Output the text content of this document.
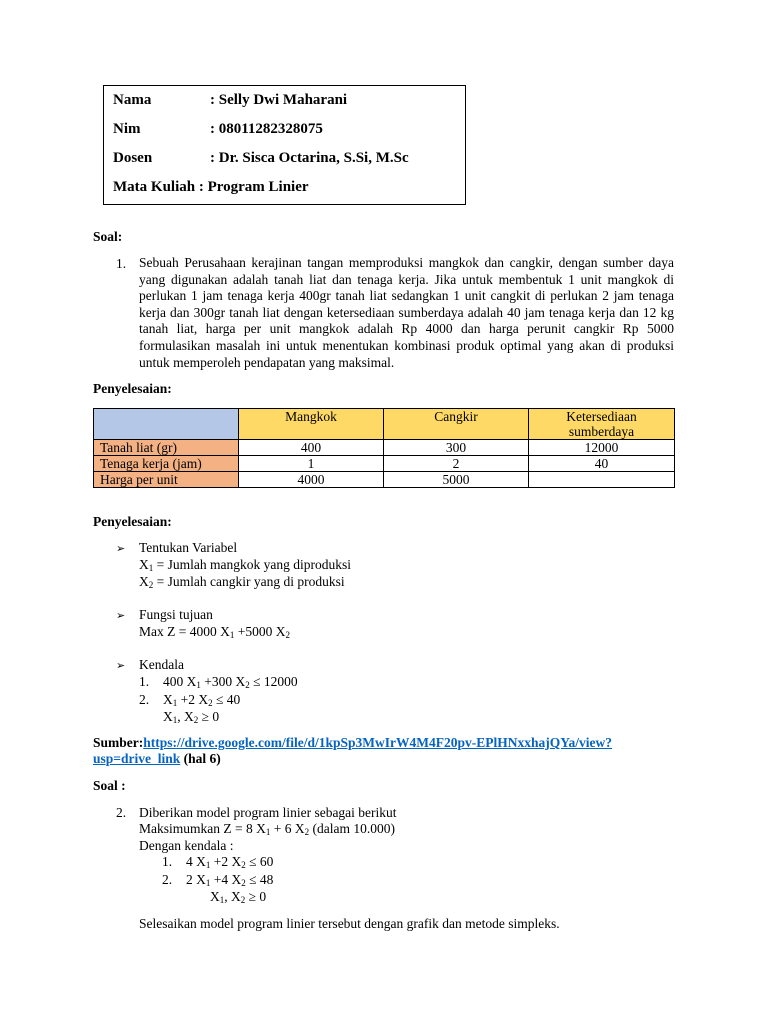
Nama	: Selly Dwi Maharani
Nim	: 08011282328075
Dosen	: Dr. Sisca Octarina, S.Si, M.Sc
Mata Kuliah : Program Linier
Soal:
1. Sebuah Perusahaan kerajinan tangan memproduksi mangkok dan cangkir, dengan sumber daya yang digunakan adalah tanah liat dan tenaga kerja. Jika untuk membentuk 1 unit mangkok di perlukan 1 jam tenaga kerja 400gr tanah liat sedangkan 1 unit cangkit di perlukan 2 jam tenaga kerja dan 300gr tanah liat dengan ketersediaan sumberdaya adalah 40 jam tenaga kerja dan 12 kg tanah liat, harga per unit mangkok adalah Rp 4000 dan harga perunit cangkir Rp 5000 formulasikan masalah ini untuk menentukan kombinasi produk optimal yang akan di produksi untuk memperoleh pendapatan yang maksimal.
Penyelesaian:
	Mangkok	Cangkir	Ketersediaan sumberdaya
Tanah liat (gr)	400	300	12000
Tenaga kerja (jam)	1	2	40
Harga per unit	4000	5000	
Penyelesaian:
➢ Tentukan Variabel
$X_1$ = Jumlah mangkok yang diproduksi
$X_2$ = Jumlah cangkir yang di produksi
➢ Fungsi tujuan
Max Z = 4000 $X_1 +5000$ $X_2$
➢ Kendala
1. 400 $X_1 +300$ $X_2 \le 12000$
2. $X_1 +2$ $X_2 \le 40$
$X_1$, $X_2 \ge 0$
Sumber:https://drive.google.com/file/d/1kpSp3MwIrW4M4F20pv-EPlHNxxhajQYa/view?
usp=drive_link (hal 6)
Soal :
2. Diberikan model program linier sebagai berikut
Maksimumkan Z = 8 $X_1 + 6$ $X_2$ (dalam 10.000)
Dengan kendala :
1. 4 $X_1 +2$ $X_2 \le 60$
2. 2 $X_1 +4$ $X_2 \le 48$
$X_1$, $X_2 \ge 0$
Selesaikan model program linier tersebut dengan grafik dan metode simpleks.
